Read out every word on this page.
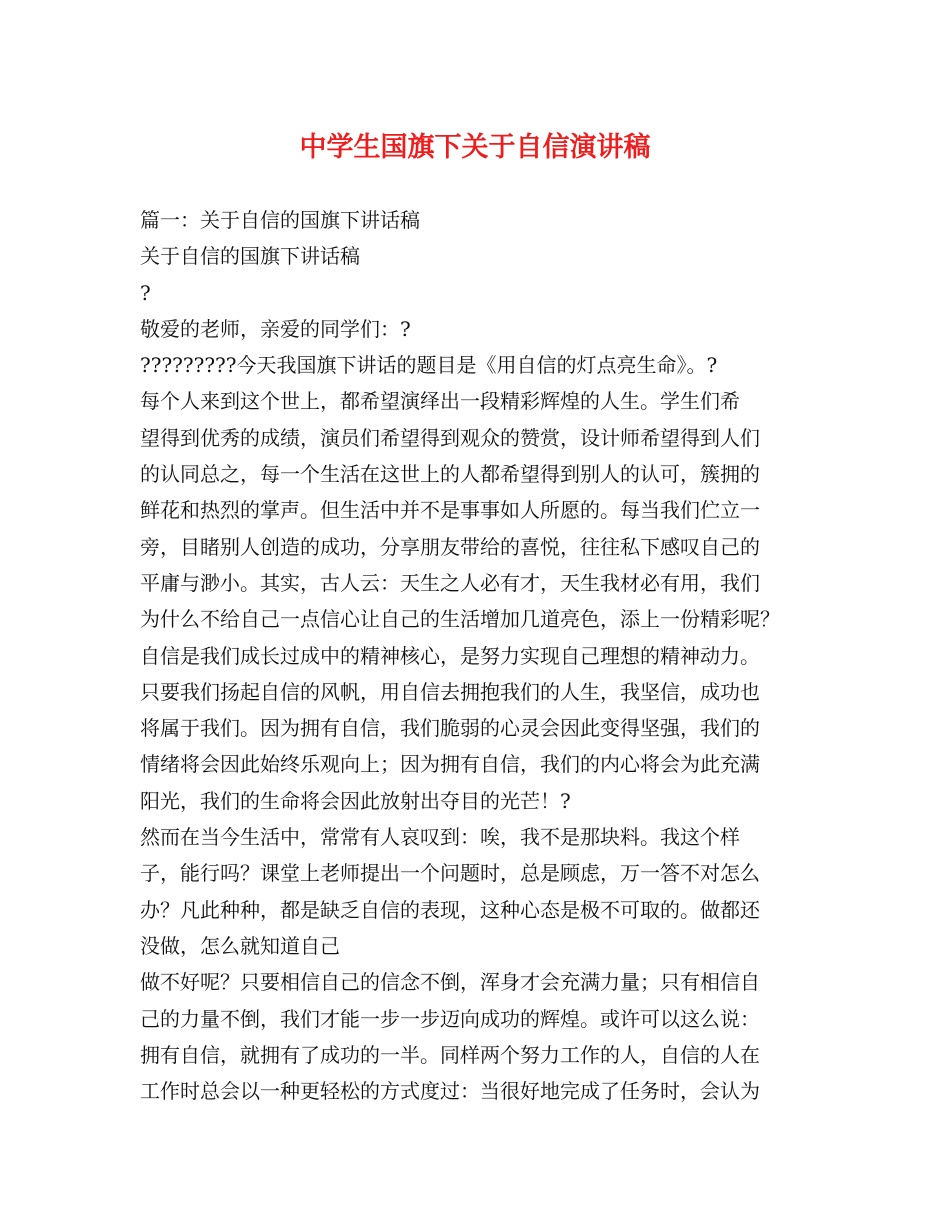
中学生国旗下关于自信演讲稿
篇一：关于自信的国旗下讲话稿
关于自信的国旗下讲话稿
?
敬爱的老师，亲爱的同学们：?
?????????今天我国旗下讲话的题目是《用自信的灯点亮生命》。?
每个人来到这个世上，都希望演绎出一段精彩辉煌的人生。学生们希
望得到优秀的成绩，演员们希望得到观众的赞赏，设计师希望得到人们
的认同总之，每一个生活在这世上的人都希望得到别人的认可，簇拥的
鲜花和热烈的掌声。但生活中并不是事事如人所愿的。每当我们伫立一
旁，目睹别人创造的成功，分享朋友带给的喜悦，往往私下感叹自己的
平庸与渺小。其实，古人云：天生之人必有才，天生我材必有用，我们
为什么不给自己一点信心让自己的生活增加几道亮色，添上一份精彩呢？
自信是我们成长过成中的精神核心，是努力实现自己理想的精神动力。
只要我们扬起自信的风帆，用自信去拥抱我们的人生，我坚信，成功也
将属于我们。因为拥有自信，我们脆弱的心灵会因此变得坚强，我们的
情绪将会因此始终乐观向上；因为拥有自信，我们的内心将会为此充满
阳光，我们的生命将会因此放射出夺目的光芒！?
然而在当今生活中，常常有人哀叹到：唉，我不是那块料。我这个样
子，能行吗？课堂上老师提出一个问题时，总是顾虑，万一答不对怎么
办？凡此种种，都是缺乏自信的表现，这种心态是极不可取的。做都还
没做，怎么就知道自己
做不好呢？只要相信自己的信念不倒，浑身才会充满力量；只有相信自
己的力量不倒，我们才能一步一步迈向成功的辉煌。或许可以这么说：
拥有自信，就拥有了成功的一半。同样两个努力工作的人，自信的人在
工作时总会以一种更轻松的方式度过：当很好地完成了任务时，会认为
